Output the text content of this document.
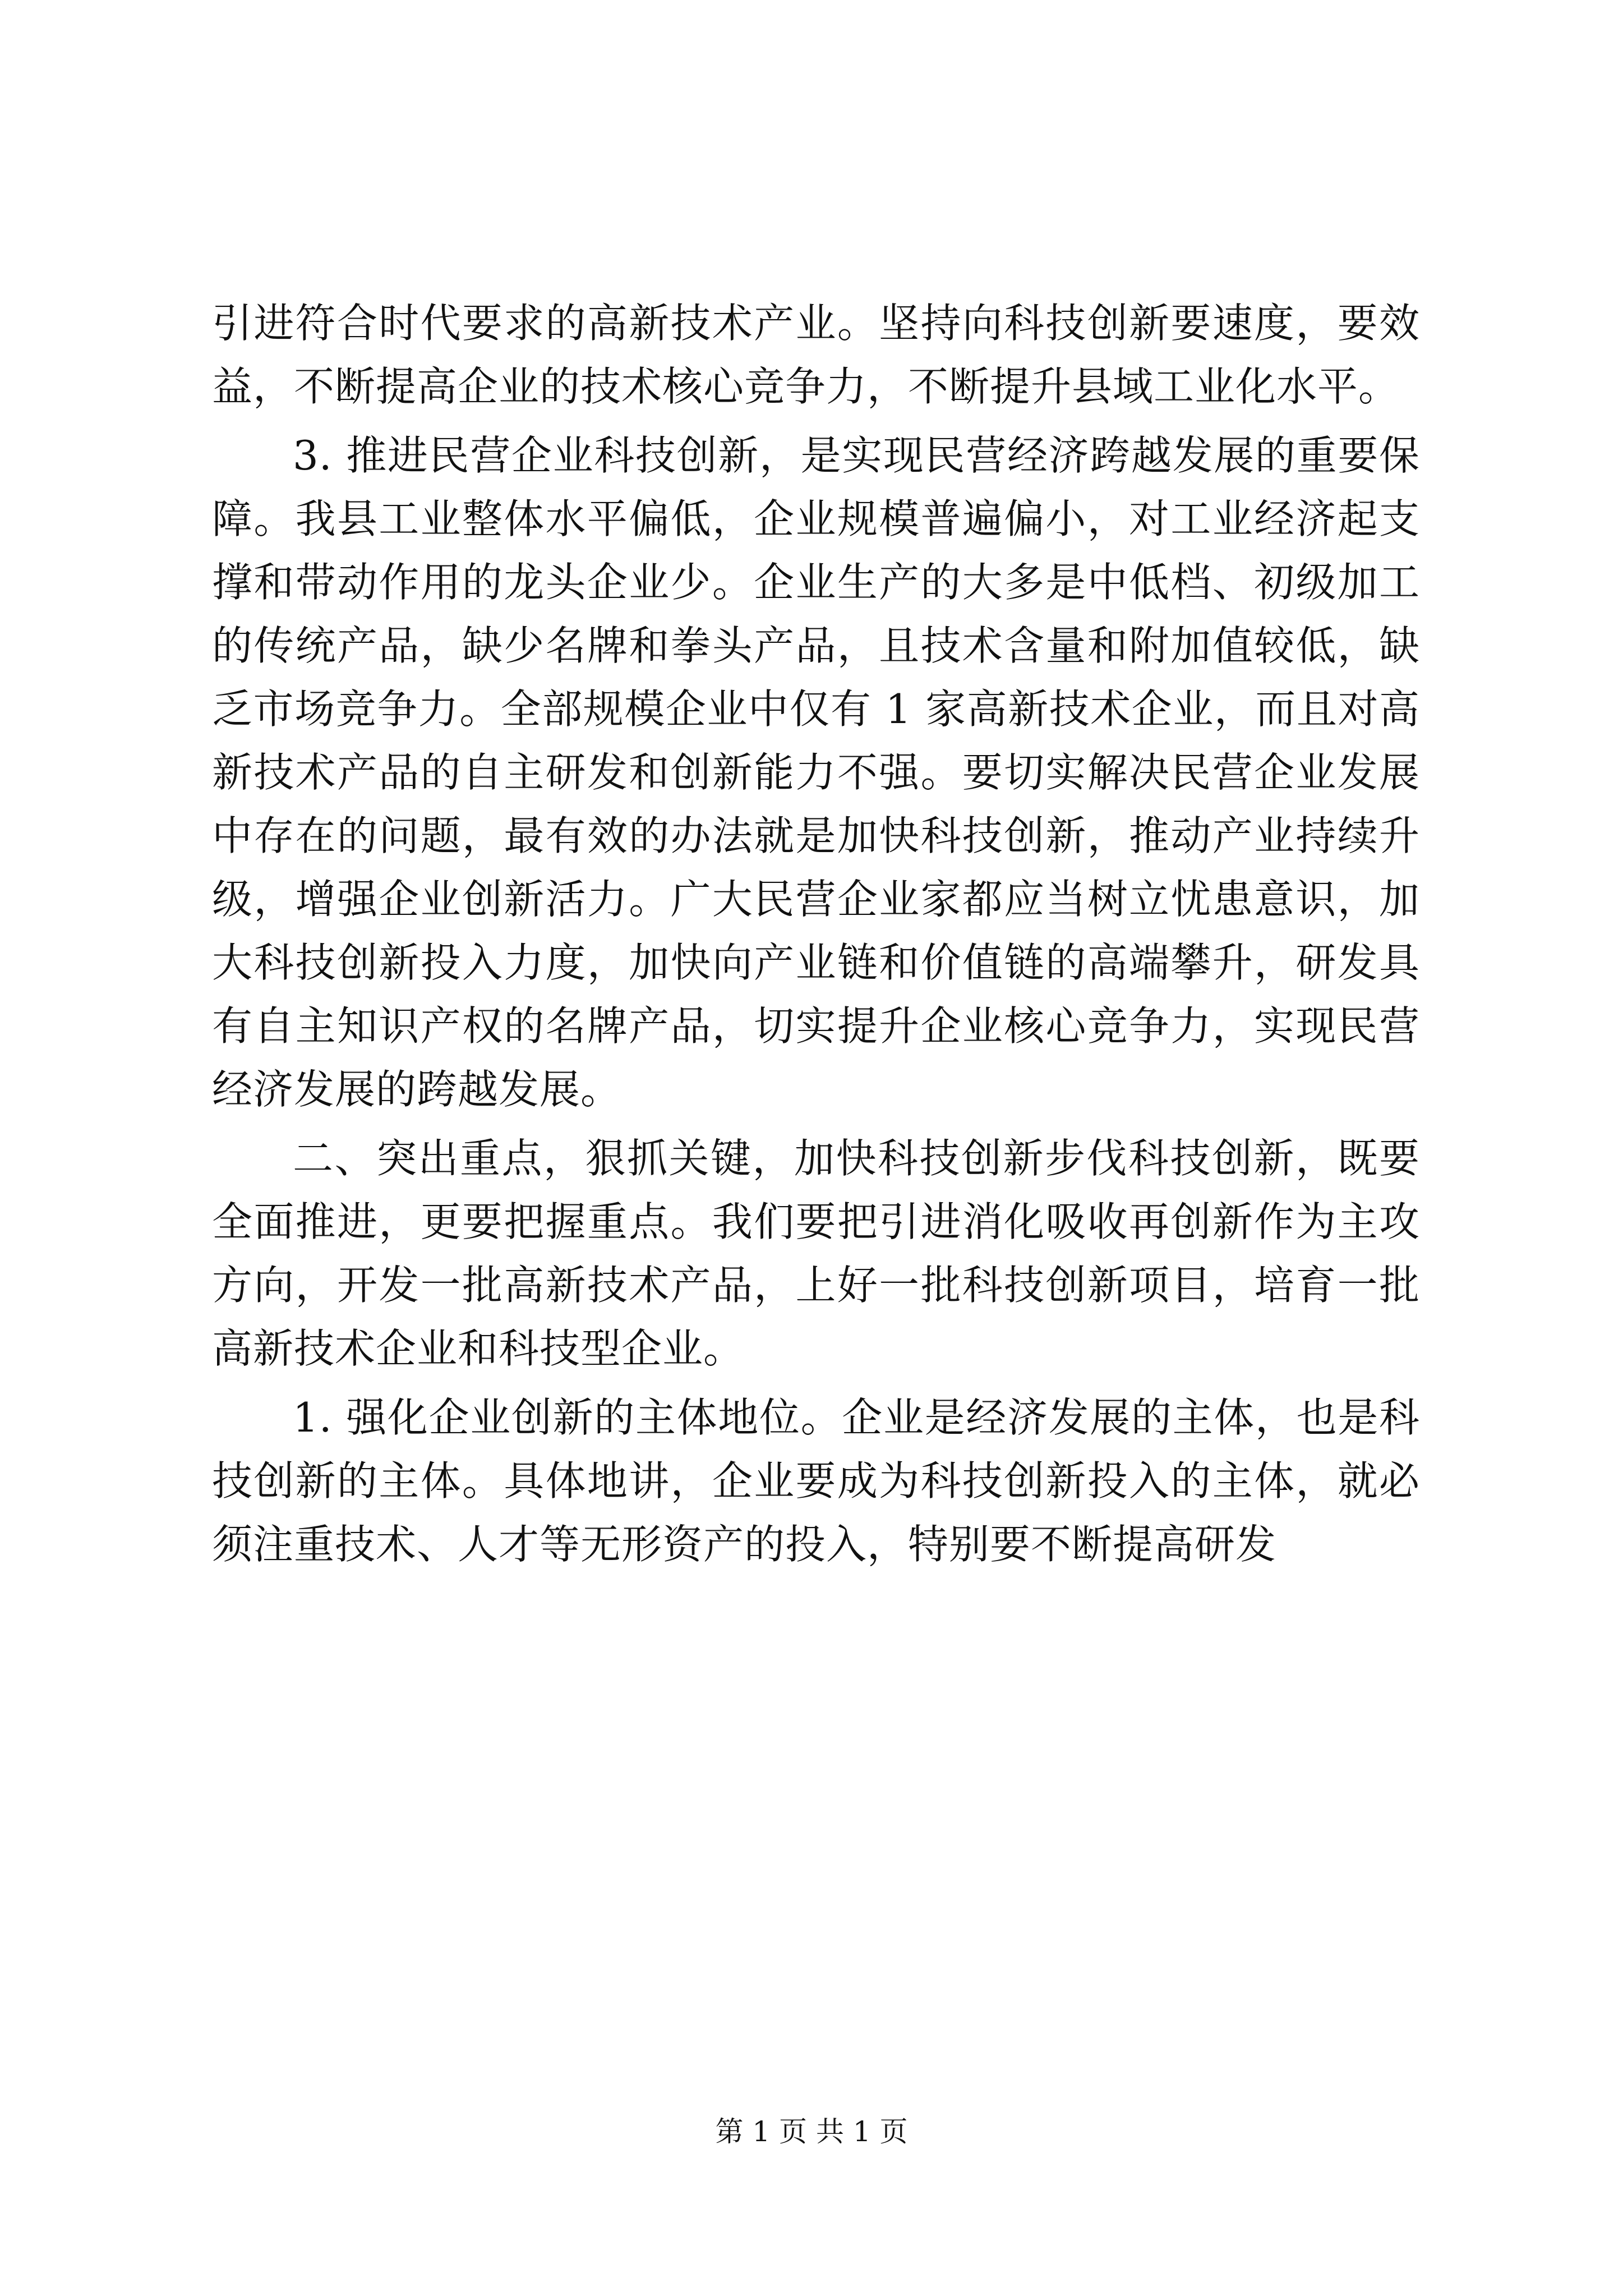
引进符合时代要求的高新技术产业。坚持向科技创新要速度，要效益，不断提高企业的技术核心竞争力，不断提升县域工业化水平。

3. 推进民营企业科技创新，是实现民营经济跨越发展的重要保障。我县工业整体水平偏低，企业规模普遍偏小，对工业经济起支撑和带动作用的龙头企业少。企业生产的大多是中低档、初级加工的传统产品，缺少名牌和拳头产品，且技术含量和附加值较低，缺乏市场竞争力。全部规模企业中仅有 1 家高新技术企业，而且对高新技术产品的自主研发和创新能力不强。要切实解决民营企业发展中存在的问题，最有效的办法就是加快科技创新，推动产业持续升级，增强企业创新活力。广大民营企业家都应当树立忧患意识，加大科技创新投入力度，加快向产业链和价值链的高端攀升，研发具有自主知识产权的名牌产品，切实提升企业核心竞争力，实现民营经济发展的跨越发展。

二、突出重点，狠抓关键，加快科技创新步伐科技创新，既要全面推进，更要把握重点。我们要把引进消化吸收再创新作为主攻方向，开发一批高新技术产品，上好一批科技创新项目，培育一批高新技术企业和科技型企业。

1. 强化企业创新的主体地位。企业是经济发展的主体，也是科技创新的主体。具体地讲，企业要成为科技创新投入的主体，就必须注重技术、人才等无形资产的投入，特别要不断提高研发

第 1 页 共 1 页
